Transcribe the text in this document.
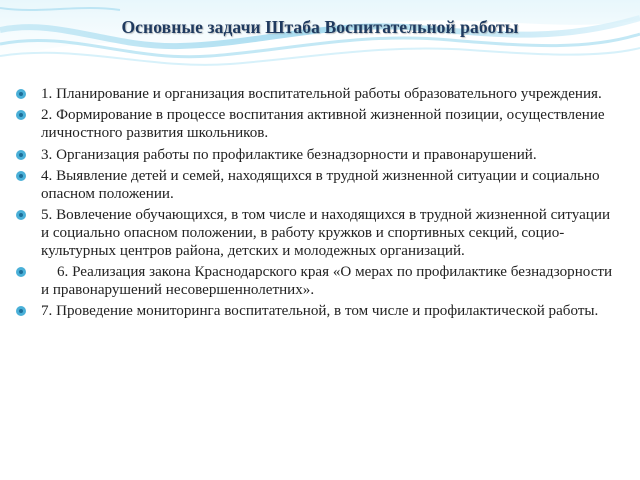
Основные задачи Штаба Воспитательной работы
1. Планирование и организация воспитательной работы образовательного учреждения.
2. Формирование в процессе воспитания активной жизненной позиции, осуществление личностного развития школьников.
3. Организация работы по профилактике безнадзорности и правонарушений.
4. Выявление детей и семей, находящихся в трудной жизненной ситуации и социально опасном положении.
5. Вовлечение обучающихся, в том числе и находящихся в трудной жизненной ситуации и социально опасном положении, в работу кружков и спортивных секций, социо-культурных центров района, детских и молодежных организаций.
6. Реализация закона Краснодарского края «О мерах по профилактике безнадзорности и правонарушений несовершеннолетних».
7. Проведение мониторинга воспитательной, в том числе и профилактической работы.
